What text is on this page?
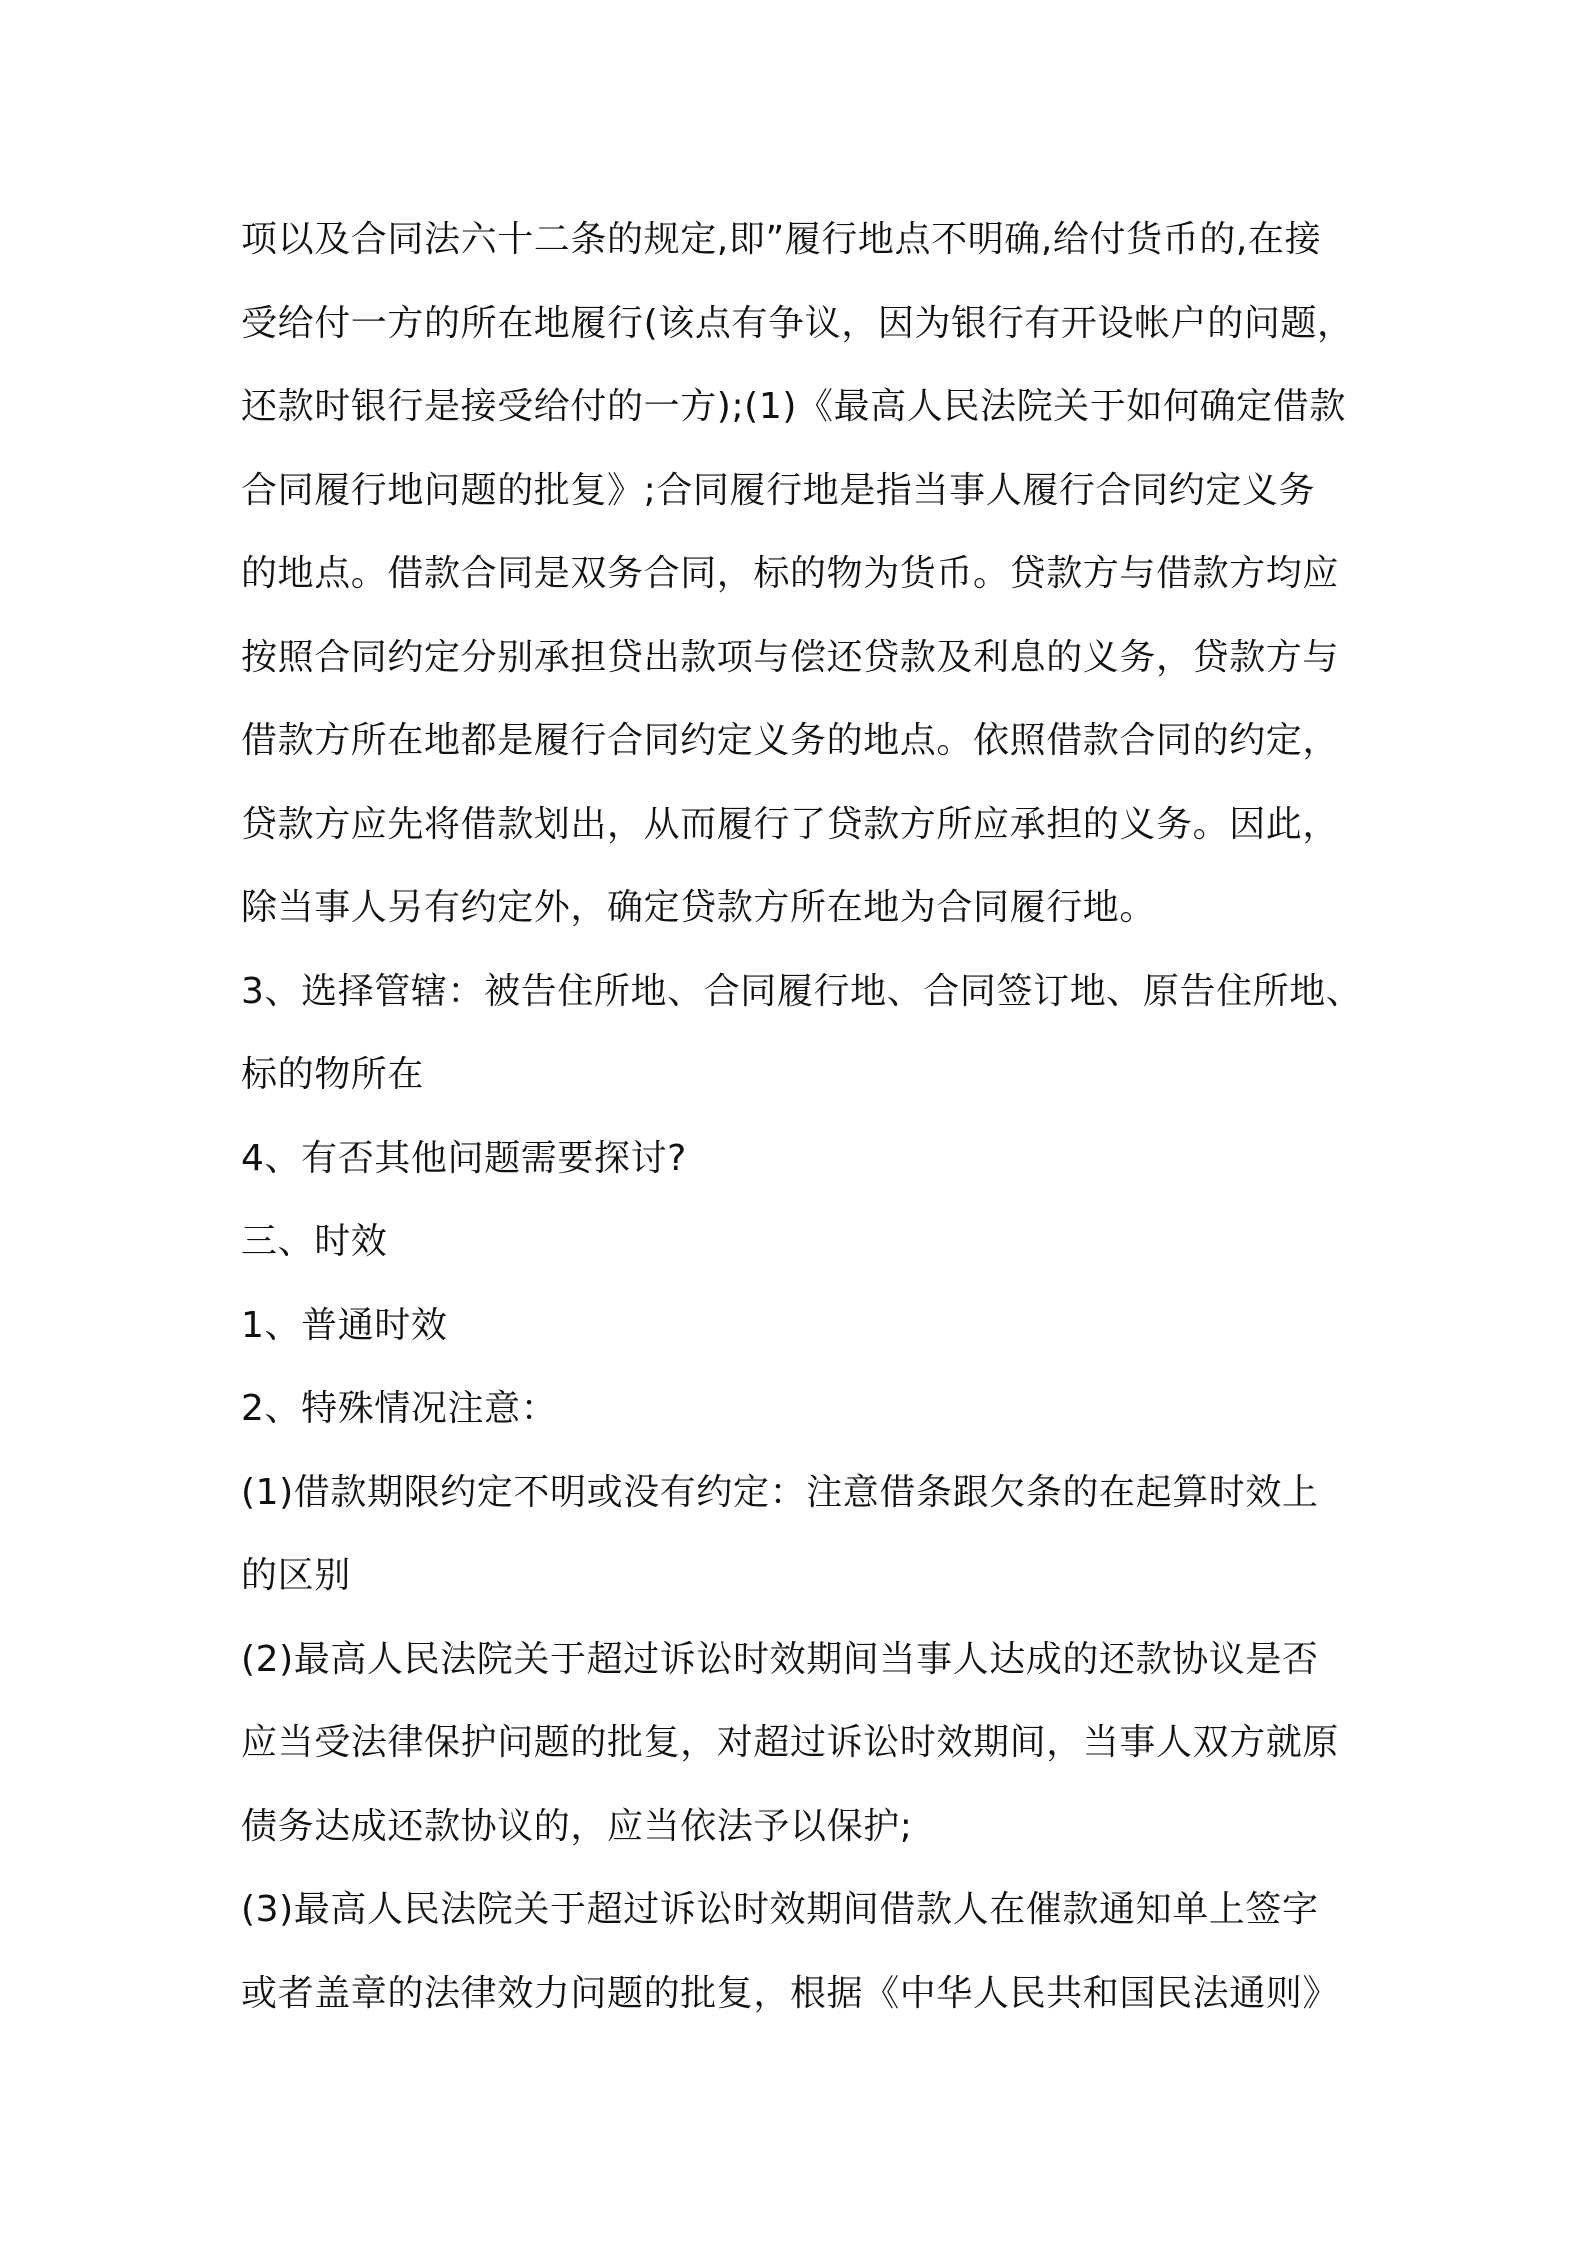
项以及合同法六十二条的规定,即”履行地点不明确,给付货币的,在接
受给付一方的所在地履行(该点有争议，因为银行有开设帐户的问题，
还款时银行是接受给付的一方);(1)《最高人民法院关于如何确定借款
合同履行地问题的批复》;合同履行地是指当事人履行合同约定义务
的地点。借款合同是双务合同，标的物为货币。贷款方与借款方均应
按照合同约定分别承担贷出款项与偿还贷款及利息的义务，贷款方与
借款方所在地都是履行合同约定义务的地点。依照借款合同的约定，
贷款方应先将借款划出，从而履行了贷款方所应承担的义务。因此，
除当事人另有约定外，确定贷款方所在地为合同履行地。
3、选择管辖：被告住所地、合同履行地、合同签订地、原告住所地、
标的物所在
4、有否其他问题需要探讨?
三、时效
1、普通时效
2、特殊情况注意：
(1)借款期限约定不明或没有约定：注意借条跟欠条的在起算时效上
的区别
(2)最高人民法院关于超过诉讼时效期间当事人达成的还款协议是否
应当受法律保护问题的批复，对超过诉讼时效期间，当事人双方就原
债务达成还款协议的，应当依法予以保护;
(3)最高人民法院关于超过诉讼时效期间借款人在催款通知单上签字
或者盖章的法律效力问题的批复，根据《中华人民共和国民法通则》
